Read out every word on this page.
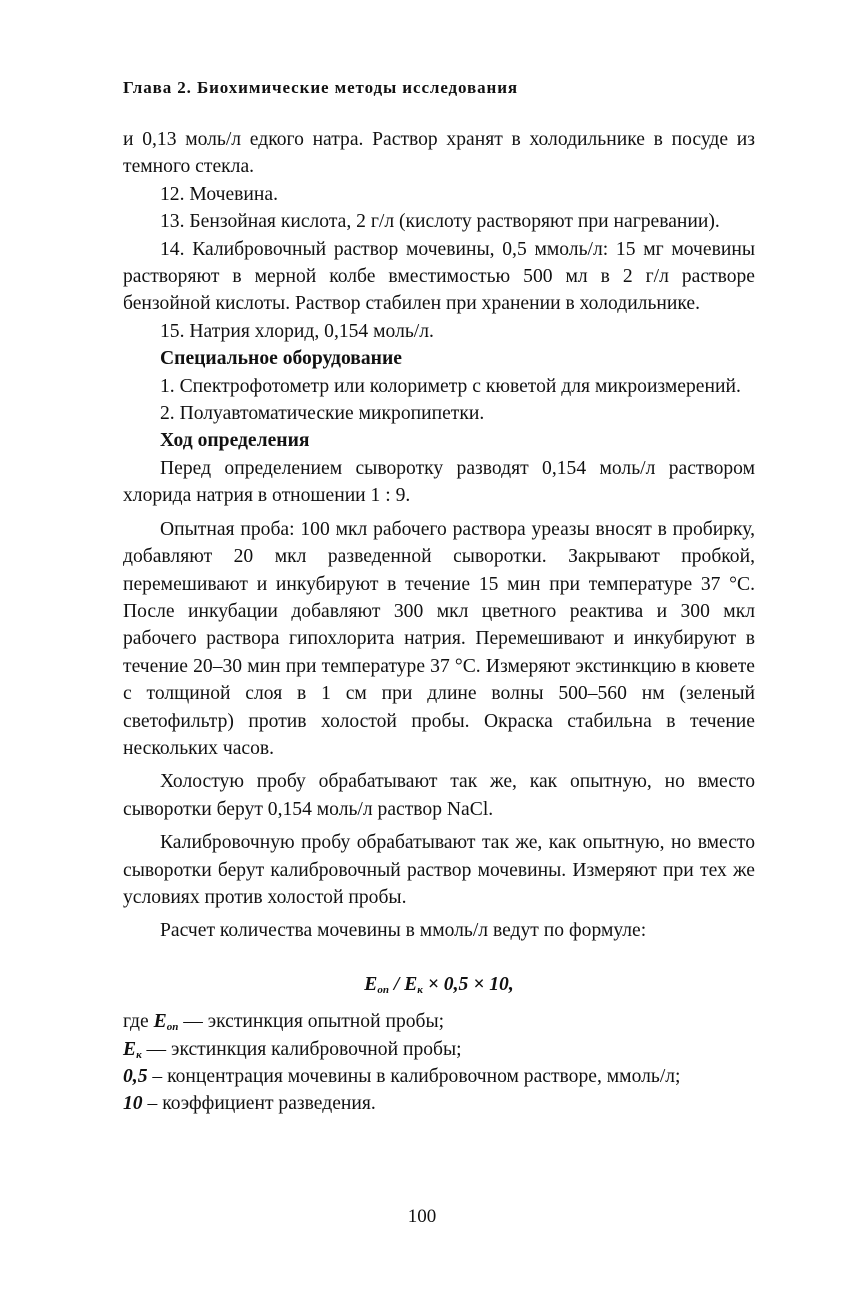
Глава 2. Биохимические методы исследования

и 0,13 моль/л едкого натра. Раствор хранят в холодильнике в посуде из темного стекла.

12. Мочевина.

13. Бензойная кислота, 2 г/л (кислоту растворяют при нагревании).

14. Калибровочный раствор мочевины, 0,5 ммоль/л: 15 мг мочевины растворяют в мерной колбе вместимостью 500 мл в 2 г/л растворе бензойной кислоты. Раствор стабилен при хранении в холодильнике.

15. Натрия хлорид, 0,154 моль/л.

Специальное оборудование

1. Спектрофотометр или колориметр с кюветой для микроизмерений.

2. Полуавтоматические микропипетки.

Ход определения

Перед определением сыворотку разводят 0,154 моль/л раствором хлорида натрия в отношении 1 : 9.

Опытная проба: 100 мкл рабочего раствора уреазы вносят в пробирку, добавляют 20 мкл разведенной сыворотки. Закрывают пробкой, перемешивают и инкубируют в течение 15 мин при температуре 37 °С. После инкубации добавляют 300 мкл цветного реактива и 300 мкл рабочего раствора гипохлорита натрия. Перемешивают и инкубируют в течение 20–30 мин при температуре 37 °С. Измеряют экстинкцию в кювете с толщиной слоя в 1 см при длине волны 500–560 нм (зеленый светофильтр) против холостой пробы. Окраска стабильна в течение нескольких часов.

Холостую пробу обрабатывают так же, как опытную, но вместо сыворотки берут 0,154 моль/л раствор NaCl.

Калибровочную пробу обрабатывают так же, как опытную, но вместо сыворотки берут калибровочный раствор мочевины. Измеряют при тех же условиях против холостой пробы.

Расчет количества мочевины в ммоль/л ведут по формуле:

$E_{оп} / E_к \times 0,5 \times 10$,

где $E_{оп}$ — экстинкция опытной пробы;

$E_к$ — экстинкция калибровочной пробы;

0,5 – концентрация мочевины в калибровочном растворе, ммоль/л;

10 – коэффициент разведения.

100
